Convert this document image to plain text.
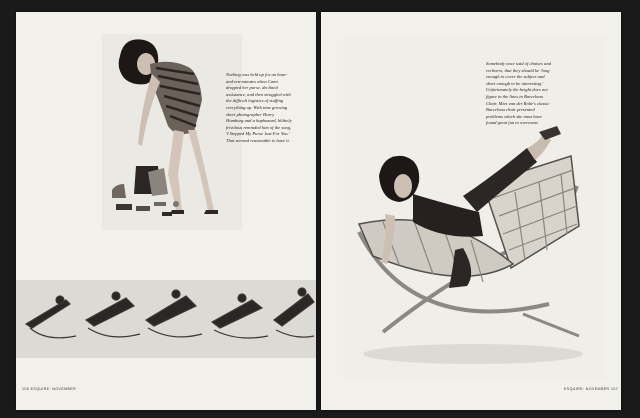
Nothing was held up for an hour-and-ten-minutes when Cami dropped her purse, declined assistance, and then struggled with the difficult logistics of stuffing everything up. With time growing short photographer Harry Hamburg and a haphazard, blithely frivolous reminded him of the song, 'I Stepped My Purse Just For You.' That seemed reasonable to have it.
Somebody once said of chaises and recliners, that they should be 'long enough to cover the subject and short enough to be interesting.' Unfortunately the height does not figure in the lines in Barcelona Chair. Mies van der Rohe's classic Barcelona chair presented problems which she must have found great fun to overcome.
106 ESQUIRE: NOVEMBER	ESQUIRE: NOVEMBER 107
